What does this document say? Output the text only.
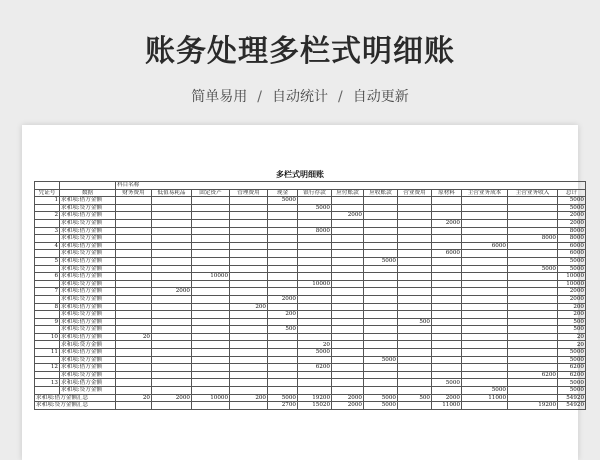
账务处理多栏式明细账
简单易用 / 自动统计 / 自动更新
多栏式明细账
		科目名称												
凭证号	数据	财务费用	低值易耗品	固定资产	管理费用	现金	银行存款	应付账款	应收账款	营业费用	原材料	主营业务成本	主营业务收入	总计
1	求和项:借方金额					5000								5000
	求和项:贷方金额						5000							5000
2	求和项:借方金额							2000						2000
	求和项:贷方金额										2000			2000
3	求和项:借方金额						8000							8000
	求和项:贷方金额												8000	8000
4	求和项:借方金额											6000		6000
	求和项:贷方金额										6000			6000
5	求和项:借方金额								5000					5000
	求和项:贷方金额												5000	5000
6	求和项:借方金额			10000										10000
	求和项:贷方金额						10000							10000
7	求和项:借方金额		2000											2000
	求和项:贷方金额					2000								2000
8	求和项:借方金额				200									200
	求和项:贷方金额					200								200
9	求和项:借方金额									500				500
	求和项:贷方金额					500								500
10	求和项:借方金额	20												20
	求和项:贷方金额						20							20
11	求和项:借方金额						5000							5000
	求和项:贷方金额								5000					5000
12	求和项:借方金额						6200							6200
	求和项:贷方金额												6200	6200
13	求和项:借方金额										5000			5000
	求和项:贷方金额											5000		5000
求和项:借方金额汇总		20	2000	10000	200	5000	19200	2000	5000	500	2000	11000		54920
求和项:贷方金额汇总						2700	15020	2000	5000		11000		19200	54920
